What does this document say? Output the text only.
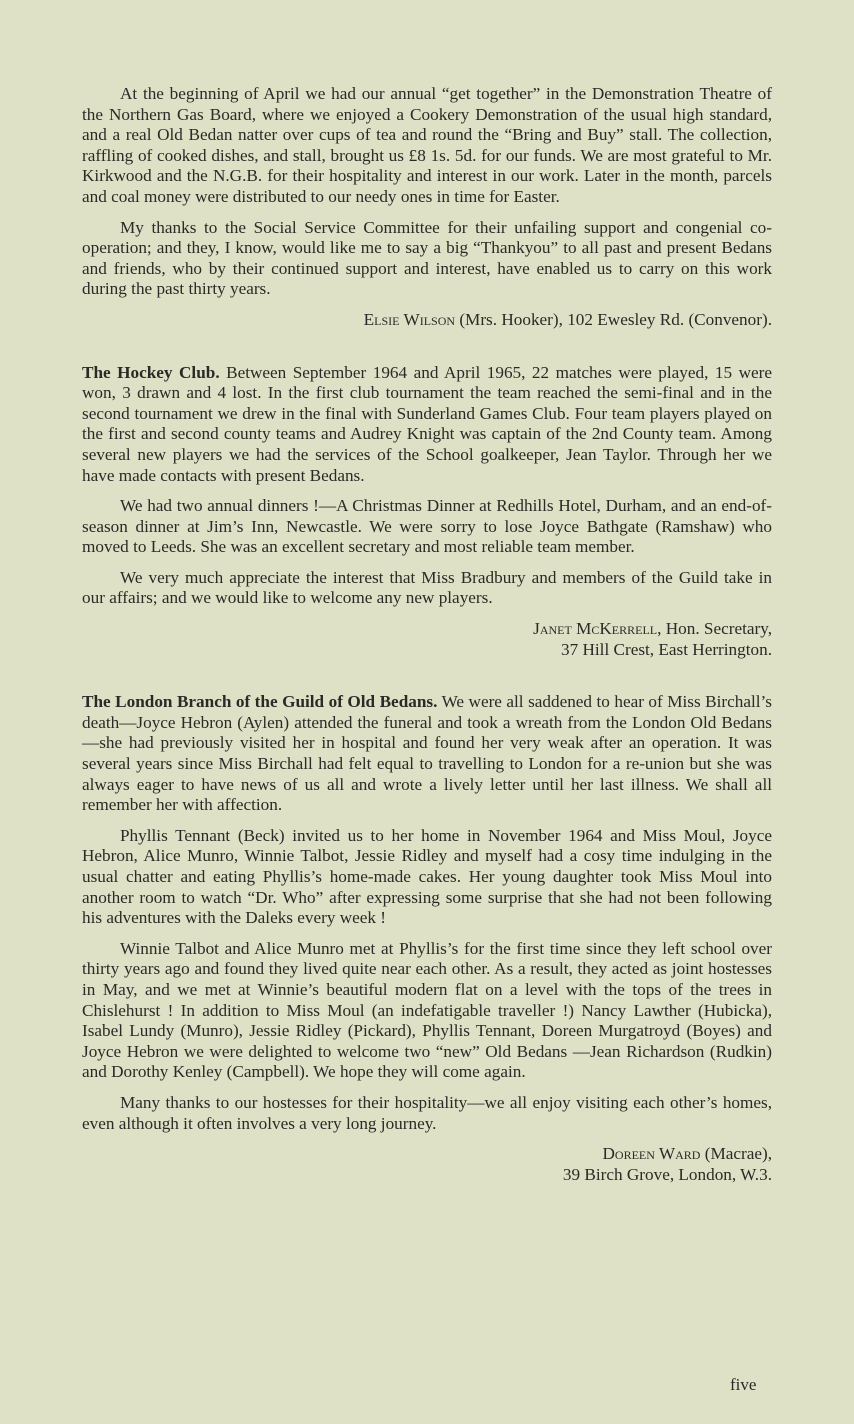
At the beginning of April we had our annual “get together” in the Demonstration Theatre of the Northern Gas Board, where we enjoyed a Cookery Demonstration of the usual high standard, and a real Old Bedan natter over cups of tea and round the “Bring and Buy” stall. The collection, raffling of cooked dishes, and stall, brought us £8 1s. 5d. for our funds. We are most grateful to Mr. Kirkwood and the N.G.B. for their hospitality and interest in our work. Later in the month, parcels and coal money were distributed to our needy ones in time for Easter.

My thanks to the Social Service Committee for their unfailing support and congenial co-operation; and they, I know, would like me to say a big “Thankyou” to all past and present Bedans and friends, who by their continued support and interest, have enabled us to carry on this work during the past thirty years.

Elsie Wilson (Mrs. Hooker), 102 Ewesley Rd. (Convenor).

The Hockey Club. Between September 1964 and April 1965, 22 matches were played, 15 were won, 3 drawn and 4 lost. In the first club tournament the team reached the semi-final and in the second tournament we drew in the final with Sunderland Games Club. Four team players played on the first and second county teams and Audrey Knight was captain of the 2nd County team. Among several new players we had the services of the School goalkeeper, Jean Taylor. Through her we have made contacts with present Bedans.

We had two annual dinners !—A Christmas Dinner at Redhills Hotel, Durham, and an end-of-season dinner at Jim’s Inn, Newcastle. We were sorry to lose Joyce Bathgate (Ramshaw) who moved to Leeds. She was an excellent secretary and most reliable team member.

We very much appreciate the interest that Miss Bradbury and members of the Guild take in our affairs; and we would like to welcome any new players.

Janet McKerrell, Hon. Secretary,
37 Hill Crest, East Herrington.

The London Branch of the Guild of Old Bedans. We were all saddened to hear of Miss Birchall’s death—Joyce Hebron (Aylen) attended the funeral and took a wreath from the London Old Bedans—she had previously visited her in hospital and found her very weak after an operation. It was several years since Miss Birchall had felt equal to travelling to London for a re-union but she was always eager to have news of us all and wrote a lively letter until her last illness. We shall all remember her with affection.

Phyllis Tennant (Beck) invited us to her home in November 1964 and Miss Moul, Joyce Hebron, Alice Munro, Winnie Talbot, Jessie Ridley and myself had a cosy time indulging in the usual chatter and eating Phyllis’s home-made cakes. Her young daughter took Miss Moul into another room to watch “Dr. Who” after expressing some surprise that she had not been following his adventures with the Daleks every week !

Winnie Talbot and Alice Munro met at Phyllis’s for the first time since they left school over thirty years ago and found they lived quite near each other. As a result, they acted as joint hostesses in May, and we met at Winnie’s beautiful modern flat on a level with the tops of the trees in Chislehurst ! In addition to Miss Moul (an indefatigable traveller !) Nancy Lawther (Hubicka), Isabel Lundy (Munro), Jessie Ridley (Pickard), Phyllis Tennant, Doreen Murgatroyd (Boyes) and Joyce Hebron we were delighted to welcome two “new” Old Bedans —Jean Richardson (Rudkin) and Dorothy Kenley (Campbell). We hope they will come again.

Many thanks to our hostesses for their hospitality—we all enjoy visiting each other’s homes, even although it often involves a very long journey.

Doreen Ward (Macrae),
39 Birch Grove, London, W.3.
five
